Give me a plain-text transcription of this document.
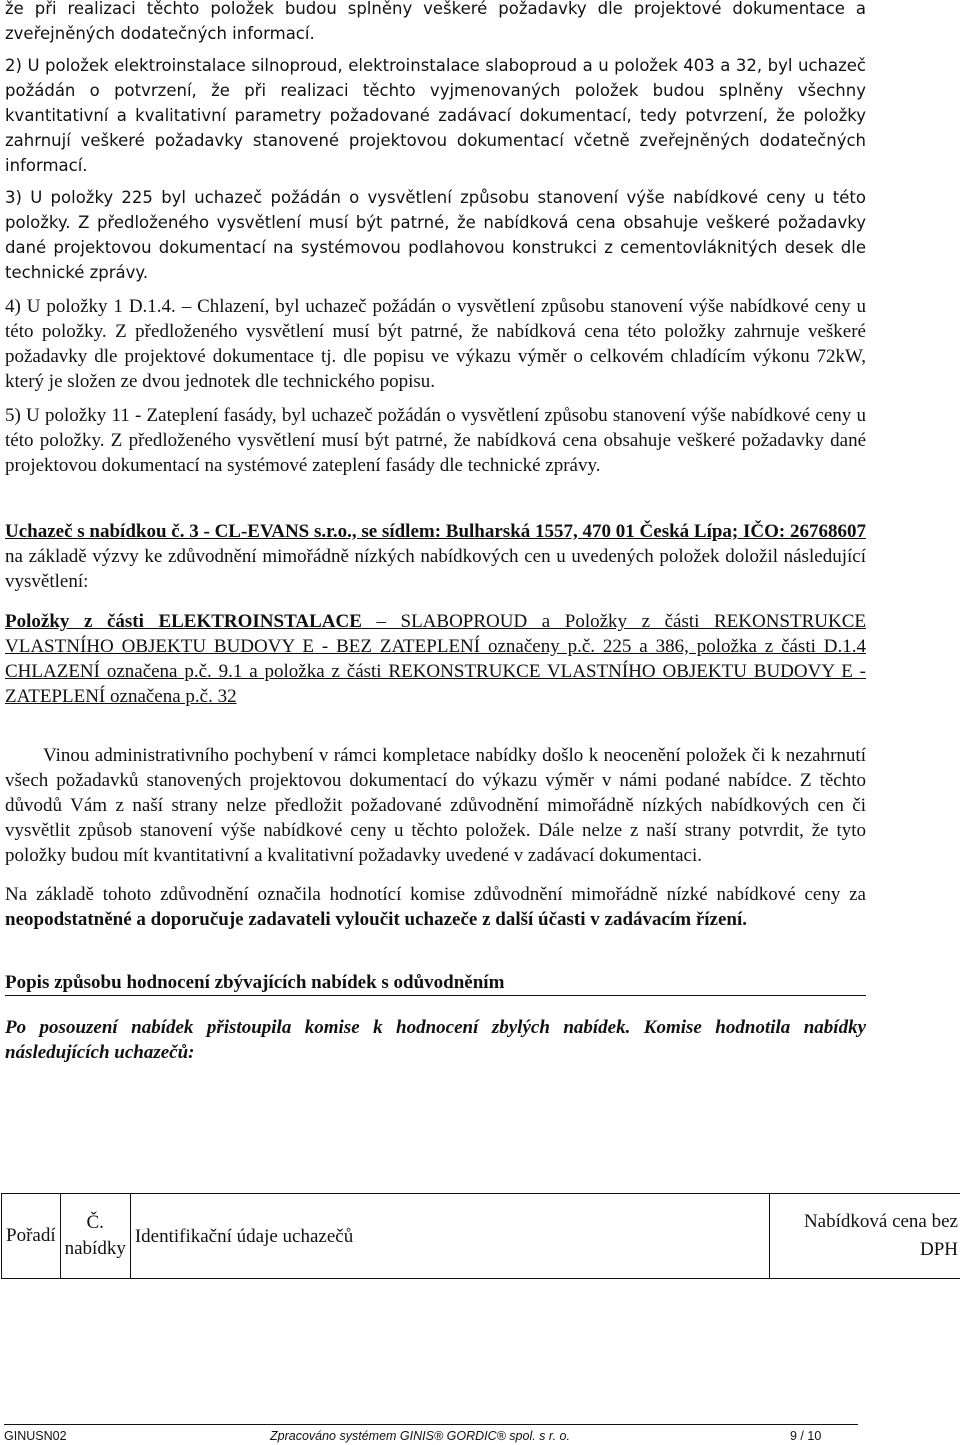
že při realizaci těchto položek budou splněny veškeré požadavky dle projektové dokumentace a zveřejněných dodatečných informací.

2) U položek elektroinstalace silnoproud, elektroinstalace slaboproud a u položek 403 a 32, byl uchazeč požádán o potvrzení, že při realizaci těchto vyjmenovaných položek budou splněny všechny kvantitativní a kvalitativní parametry požadované zadávací dokumentací, tedy potvrzení, že položky zahrnují veškeré požadavky stanovené projektovou dokumentací včetně zveřejněných dodatečných informací.

3) U položky 225 byl uchazeč požádán o vysvětlení způsobu stanovení výše nabídkové ceny u této položky. Z předloženého vysvětlení musí být patrné, že nabídková cena obsahuje veškeré požadavky dané projektovou dokumentací na systémovou podlahovou konstrukci z cementovláknitých desek dle technické zprávy.

4) U položky 1 D.1.4. – Chlazení, byl uchazeč požádán o vysvětlení způsobu stanovení výše nabídkové ceny u této položky. Z předloženého vysvětlení musí být patrné, že nabídková cena této položky zahrnuje veškeré požadavky dle projektové dokumentace tj. dle popisu ve výkazu výměr o celkovém chladícím výkonu 72kW, který je složen ze dvou jednotek dle technického popisu.

5) U položky 11 - Zateplení fasády, byl uchazeč požádán o vysvětlení způsobu stanovení výše nabídkové ceny u této položky. Z předloženého vysvětlení musí být patrné, že nabídková cena obsahuje veškeré požadavky dané projektovou dokumentací na systémové zateplení fasády dle technické zprávy.

Uchazeč s nabídkou č. 3 - CL-EVANS s.r.o., se sídlem: Bulharská 1557, 470 01 Česká Lípa; IČO: 26768607 na základě výzvy ke zdůvodnění mimořádně nízkých nabídkových cen u uvedených položek doložil následující vysvětlení:

Položky z části ELEKTROINSTALACE – SLABOPROUD a Položky z části REKONSTRUKCE VLASTNÍHO OBJEKTU BUDOVY E - BEZ ZATEPLENÍ označeny p.č. 225 a 386, položka z části D.1.4 CHLAZENÍ označena p.č. 9.1 a položka z části REKONSTRUKCE VLASTNÍHO OBJEKTU BUDOVY E - ZATEPLENÍ označena p.č. 32

Vinou administrativního pochybení v rámci kompletace nabídky došlo k neocenění položek či k nezahrnutí všech požadavků stanovených projektovou dokumentací do výkazu výměr v námi podané nabídce. Z těchto důvodů Vám z naší strany nelze předložit požadované zdůvodnění mimořádně nízkých nabídkových cen či vysvětlit způsob stanovení výše nabídkové ceny u těchto položek. Dále nelze z naší strany potvrdit, že tyto položky budou mít kvantitativní a kvalitativní požadavky uvedené v zadávací dokumentaci.

Na základě tohoto zdůvodnění označila hodnotící komise zdůvodnění mimořádně nízké nabídkové ceny za neopodstatněné a doporučuje zadavateli vyloučit uchazeče z další účasti v zadávacím řízení.

Popis způsobu hodnocení zbývajících nabídek s odůvodněním

Po posouzení nabídek přistoupila komise k hodnocení zbylých nabídek. Komise hodnotila nabídky následujících uchazečů:

Pořadí	Č. nabídky	Identifikační údaje uchazečů	Nabídková cena bez DPH
GINUSN02	Zpracováno systémem GINIS® GORDIC® spol. s r. o.	9 / 10
